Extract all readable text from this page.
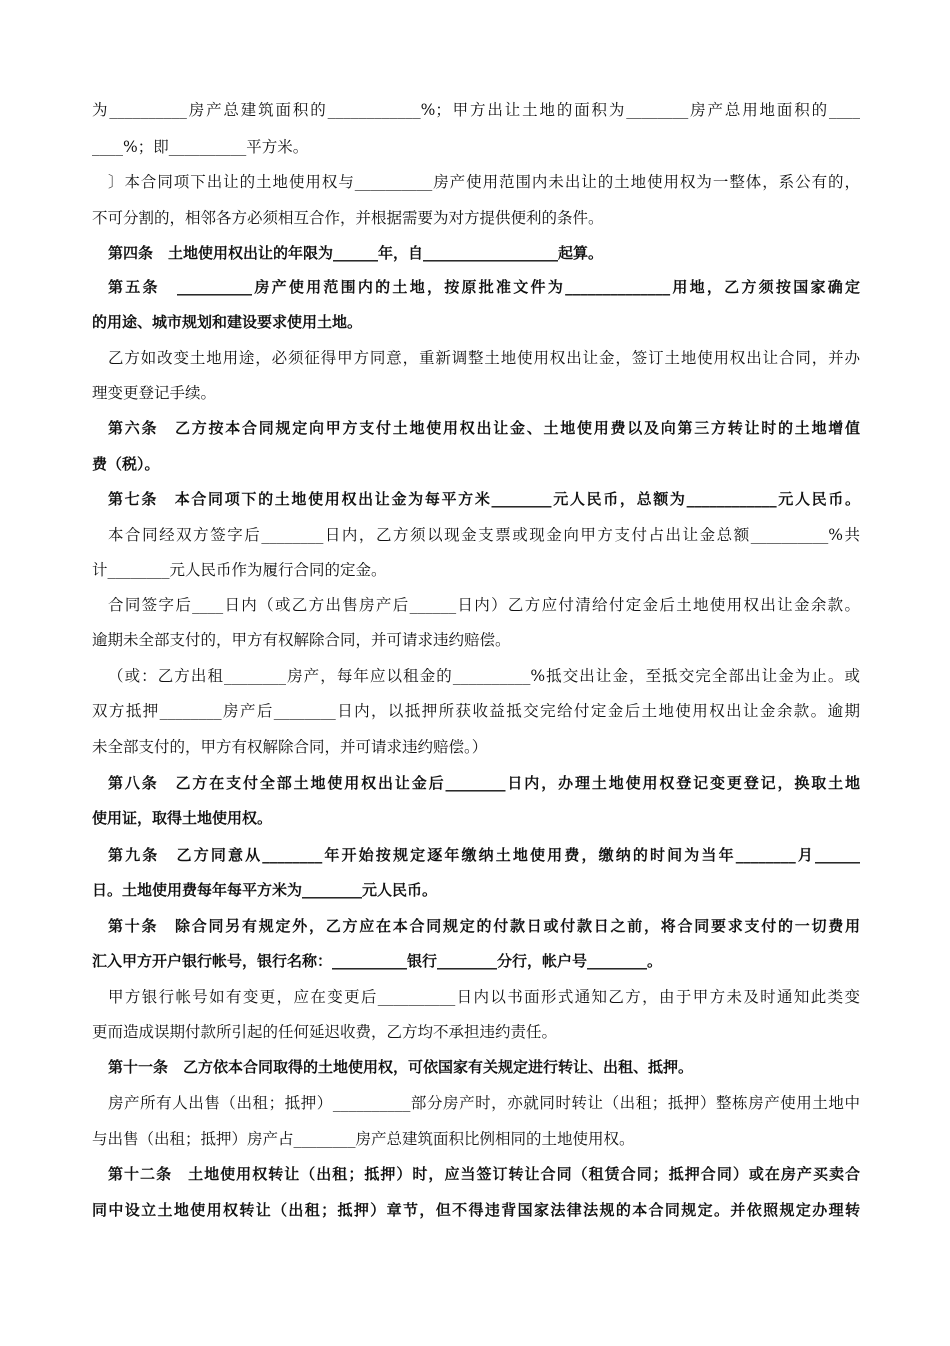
为__________房产总建筑面积的____________%；甲方出让土地的面积为________房产总用地面积的____
____%；即__________平方米。
〕本合同项下出让的土地使用权与__________房产使用范围内未出让的土地使用权为一整体，系公有的，
不可分割的，相邻各方必须相互合作，并根据需要为对方提供便利的条件。
第四条　土地使用权出让的年限为______年，自__________________起算。
第五条　__________房产使用范围内的土地，按原批准文件为______________用地，乙方须按国家确定
的用途、城市规划和建设要求使用土地。
乙方如改变土地用途，必须征得甲方同意，重新调整土地使用权出让金，签订土地使用权出让合同，并办
理变更登记手续。
第六条　乙方按本合同规定向甲方支付土地使用权出让金、土地使用费以及向第三方转让时的土地增值
费（税）。
第七条　本合同项下的土地使用权出让金为每平方米________元人民币，总额为____________元人民币。
本合同经双方签字后________日内，乙方须以现金支票或现金向甲方支付占出让金总额__________%共
计________元人民币作为履行合同的定金。
合同签字后____日内（或乙方出售房产后______日内）乙方应付清给付定金后土地使用权出让金余款。
逾期未全部支付的，甲方有权解除合同，并可请求违约赔偿。
（或：乙方出租________房产，每年应以租金的__________%抵交出让金，至抵交完全部出让金为止。或
双方抵押________房产后________日内，以抵押所获收益抵交完给付定金后土地使用权出让金余款。逾期
未全部支付的，甲方有权解除合同，并可请求违约赔偿。）
第八条　乙方在支付全部土地使用权出让金后________日内，办理土地使用权登记变更登记，换取土地
使用证，取得土地使用权。
第九条　乙方同意从________年开始按规定逐年缴纳土地使用费，缴纳的时间为当年________月______
日。土地使用费每年每平方米为________元人民币。
第十条　除合同另有规定外，乙方应在本合同规定的付款日或付款日之前，将合同要求支付的一切费用
汇入甲方开户银行帐号，银行名称：__________银行________分行，帐户号________。
甲方银行帐号如有变更，应在变更后__________日内以书面形式通知乙方，由于甲方未及时通知此类变
更而造成误期付款所引起的任何延迟收费，乙方均不承担违约责任。
第十一条　乙方依本合同取得的土地使用权，可依国家有关规定进行转让、出租、抵押。
房产所有人出售（出租；抵押）__________部分房产时，亦就同时转让（出租；抵押）整栋房产使用土地中
与出售（出租；抵押）房产占________房产总建筑面积比例相同的土地使用权。
第十二条　土地使用权转让（出租；抵押）时，应当签订转让合同（租赁合同；抵押合同）或在房产买卖合
同中设立土地使用权转让（出租；抵押）章节，但不得违背国家法律法规的本合同规定。并依照规定办理转
